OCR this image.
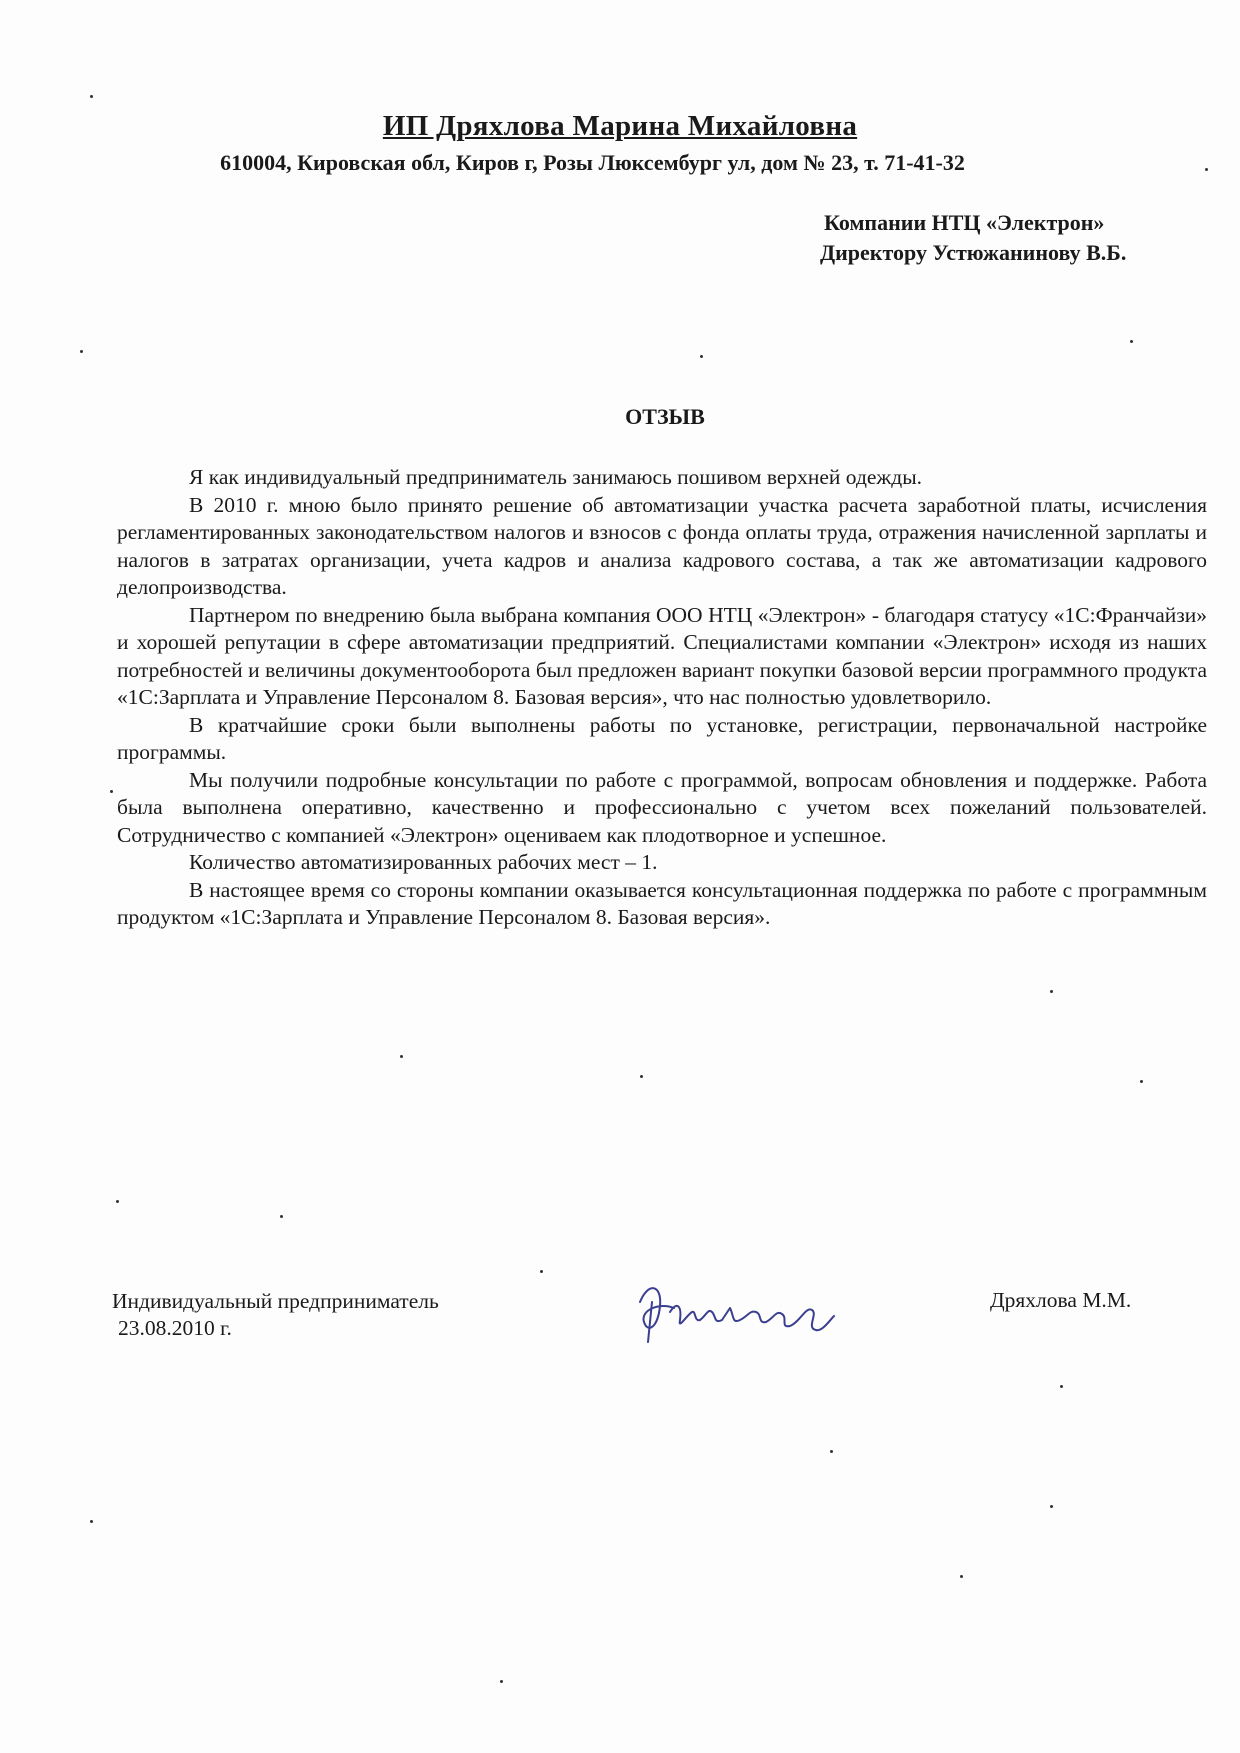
ИП Дряхлова Марина Михайловна
610004, Кировская обл, Киров г, Розы Люксембург ул, дом № 23, т. 71-41-32
Компании НТЦ «Электрон»
Директору Устюжанинову В.Б.
ОТЗЫВ

Я как индивидуальный предприниматель занимаюсь пошивом верхней одежды.

В 2010 г. мною было принято решение об автоматизации участка расчета заработной платы, исчисления регламентированных законодательством налогов и взносов с фонда оплаты труда, отражения начисленной зарплаты и налогов в затратах организации, учета кадров и анализа кадрового состава, а так же автоматизации кадрового делопроизводства.

Партнером по внедрению была выбрана компания ООО НТЦ «Электрон» - благодаря статусу «1С:Франчайзи» и хорошей репутации в сфере автоматизации предприятий. Специалистами компании «Электрон» исходя из наших потребностей и величины документооборота был предложен вариант покупки базовой версии программного продукта «1С:Зарплата и Управление Персоналом 8. Базовая версия», что нас полностью удовлетворило.

В кратчайшие сроки были выполнены работы по установке, регистрации, первоначальной настройке программы.

Мы получили подробные консультации по работе с программой, вопросам обновления и поддержке. Работа была выполнена оперативно, качественно и профессионально с учетом всех пожеланий пользователей. Сотрудничество с компанией «Электрон» оцениваем как плодотворное и успешное.

Количество автоматизированных рабочих мест – 1.

В настоящее время со стороны компании оказывается консультационная поддержка по работе с программным продуктом «1С:Зарплата и Управление Персоналом 8. Базовая версия».

Индивидуальный предприниматель
23.08.2010 г.
Дряхлова М.М.
